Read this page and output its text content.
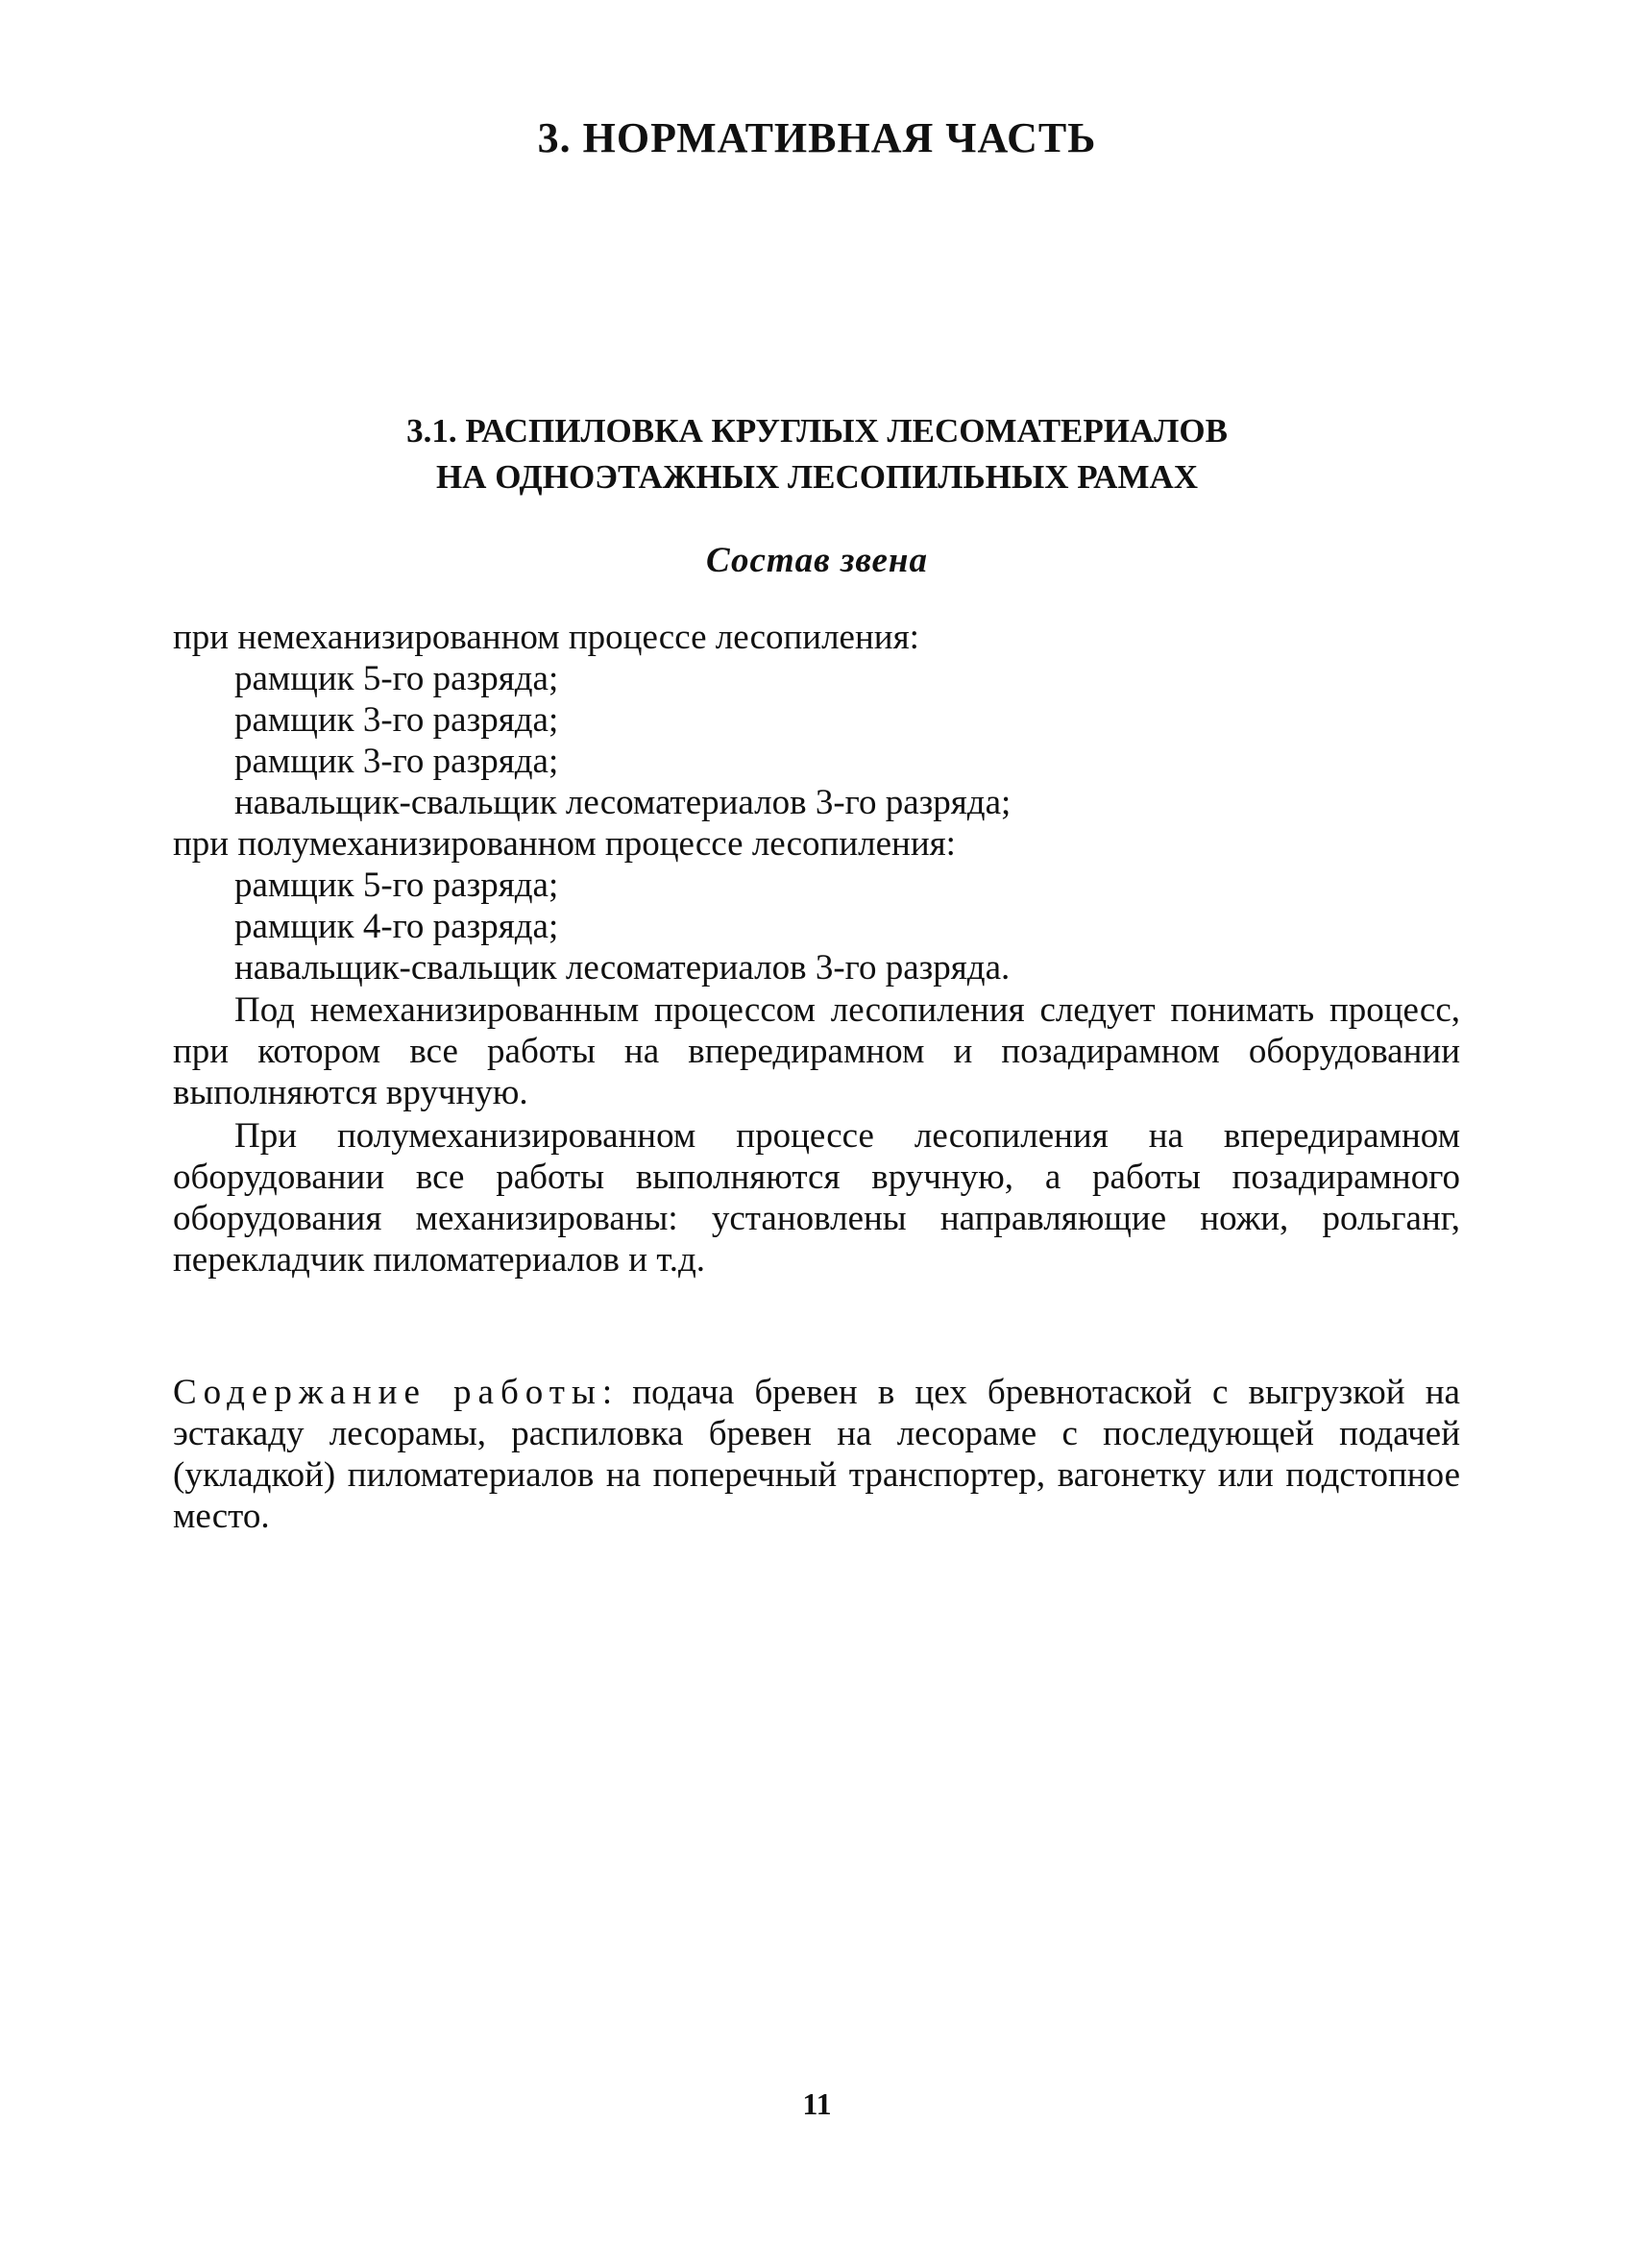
3. НОРМАТИВНАЯ ЧАСТЬ
3.1. РАСПИЛОВКА КРУГЛЫХ ЛЕСОМАТЕРИАЛОВ
НА ОДНОЭТАЖНЫХ ЛЕСОПИЛЬНЫХ РАМАХ
Состав звена
при немеханизированном процессе лесопиления:
рамщик 5-го разряда;
рамщик 3-го разряда;
рамщик 3-го разряда;
навальщик-свальщик лесоматериалов 3-го разряда;
при полумеханизированном процессе лесопиления:
рамщик 5-го разряда;
рамщик 4-го разряда;
навальщик-свальщик лесоматериалов 3-го разряда.

Под немеханизированным процессом лесопиления следует понимать процесс, при котором все работы на впередирамном и позадирамном оборудовании выполняются вручную.

При полумеханизированном процессе лесопиления на впередирамном оборудовании все работы выполняются вручную, а работы позадирамного оборудования механизированы: установлены направляющие ножи, рольганг, перекладчик пиломатериалов и т.д.

Содержание работы: подача бревен в цех бревнотаской с выгрузкой на эстакаду лесорамы, распиловка бревен на лесораме с последующей подачей (укладкой) пиломатериалов на поперечный транспортер, вагонетку или подстопное место.

11
